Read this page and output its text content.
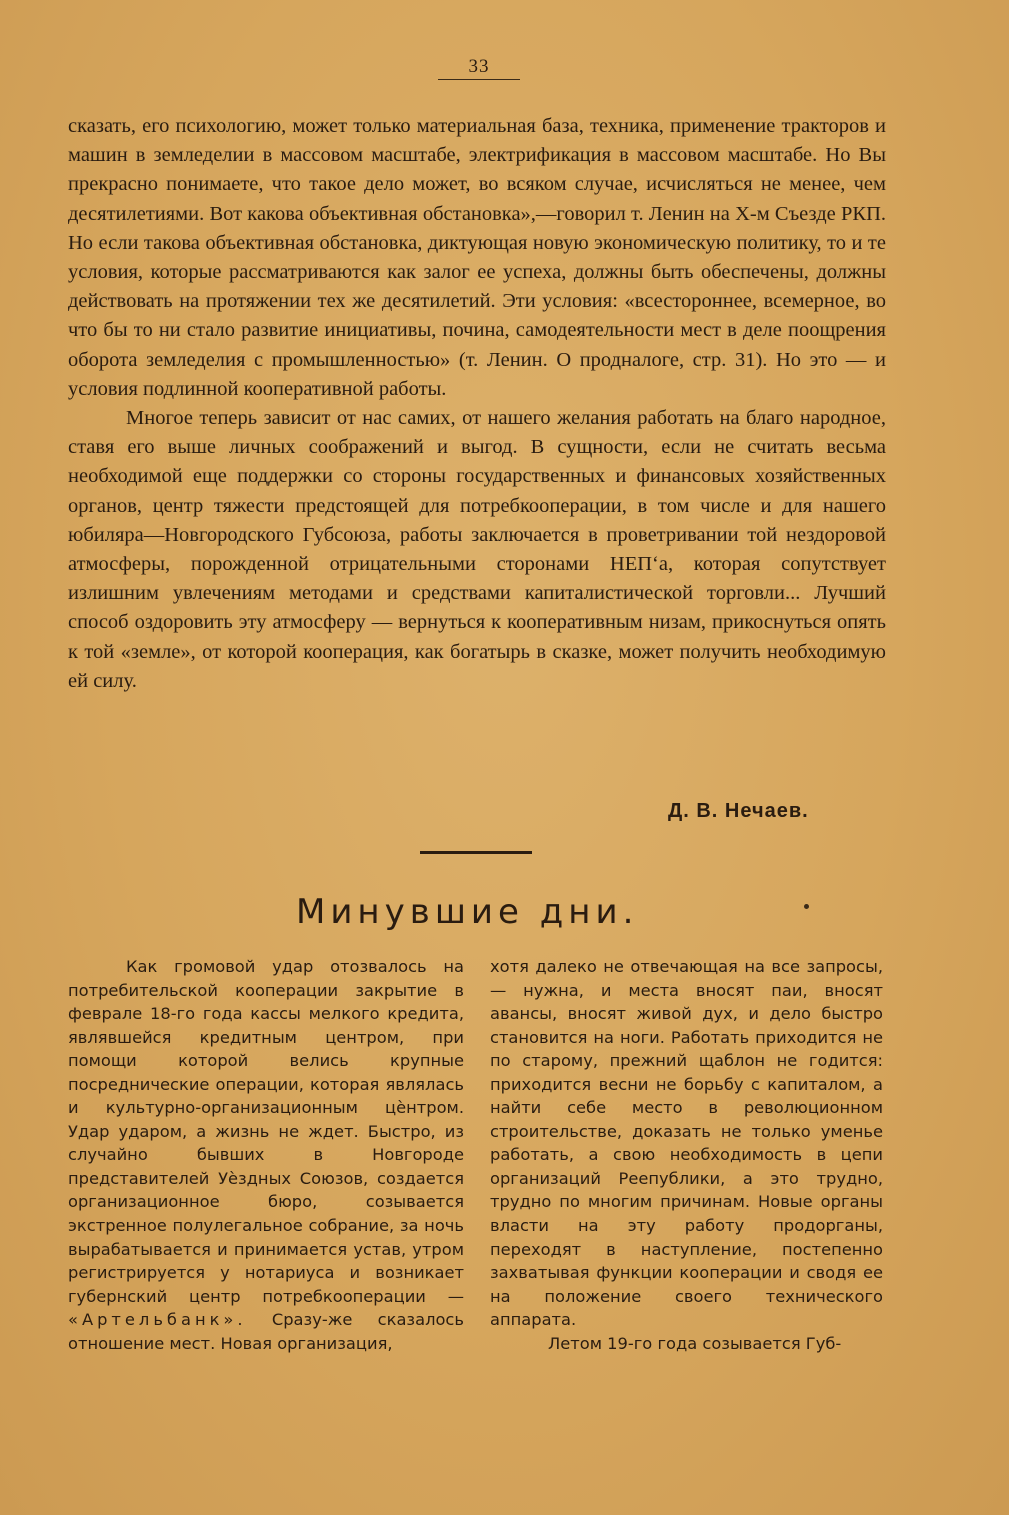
33

сказать, его психологию, может только материальная база, техника, применение тракторов и машин в земледелии в массовом масштабе, электрификация в массовом масштабе. Но Вы прекрасно понимаете, что такое дело может, во всяком случае, исчисляться не менее, чем десятилетиями. Вот какова объективная обстановка»,—говорил т. Ленин на X-м Съезде РКП. Но если такова объективная обстановка, диктующая новую экономическую политику, то и те условия, которые рассматриваются как залог ее успеха, должны быть обеспечены, должны действовать на протяжении тех же десятилетий. Эти условия: «всестороннее, всемерное, во что бы то ни стало развитие инициативы, почина, самодеятельности мест в деле поощрения оборота земледелия с промышленностью» (т. Ленин. О продналоге, стр. 31). Но это — и условия подлинной кооперативной работы.

Многое теперь зависит от нас самих, от нашего желания работать на благо народное, ставя его выше личных соображений и выгод. В сущности, если не считать весьма необходимой еще поддержки со стороны государственных и финансовых хозяйственных органов, центр тяжести предстоящей для потребкооперации, в том числе и для нашего юбиляра—Новгородского Губсоюза, работы заключается в проветривании той нездоровой атмосферы, порожденной отрицательными сторонами НЕП‘а, которая сопутствует излишним увлечениям методами и средствами капиталистической торговли... Лучший способ оздоровить эту атмосферу — вернуться к кооперативным низам, прикоснуться опять к той «земле», от которой кооперация, как богатырь в сказке, может получить необходимую ей силу.

Д. В. Нечаев.
Минувшие дни.

Как громовой удар отозвалось на потребительской кооперации закрытие в феврале 18-го года кассы мелкого кредита, являвшейся кредитным центром, при помощи которой велись крупные посреднические операции, которая являлась и культурно-организационным цѐнтром. Удар ударом, а жизнь не ждет. Быстро, из случайно бывших в Новгороде представителей Уѐздных Союзов, создается организационное бюро, созывается экстренное полулегальное собрание, за ночь вырабатывается и принимается устав, утром регистрируется у нотариуса и возникает губернский центр потребкооперации — «Артельбанк». Сразу-же сказалось отношение мест. Новая организация,

хотя далеко не отвечающая на все запросы, — нужна, и места вносят паи, вносят авансы, вносят живой дух, и дело быстро становится на ноги. Работать приходится не по старому, прежний щаблон не годится: приходится весни не борьбу с капиталом, а найти себе место в революционном строительстве, доказать не только уменье работать, а свою необходимость в цепи организаций Реепублики, а это трудно, трудно по многим причинам. Новые органы власти на эту работу продорганы, переходят в наступление, постепенно захватывая функции кооперации и сводя ее на положение своего технического аппарата.

Летом 19-го года созывается Губ-
